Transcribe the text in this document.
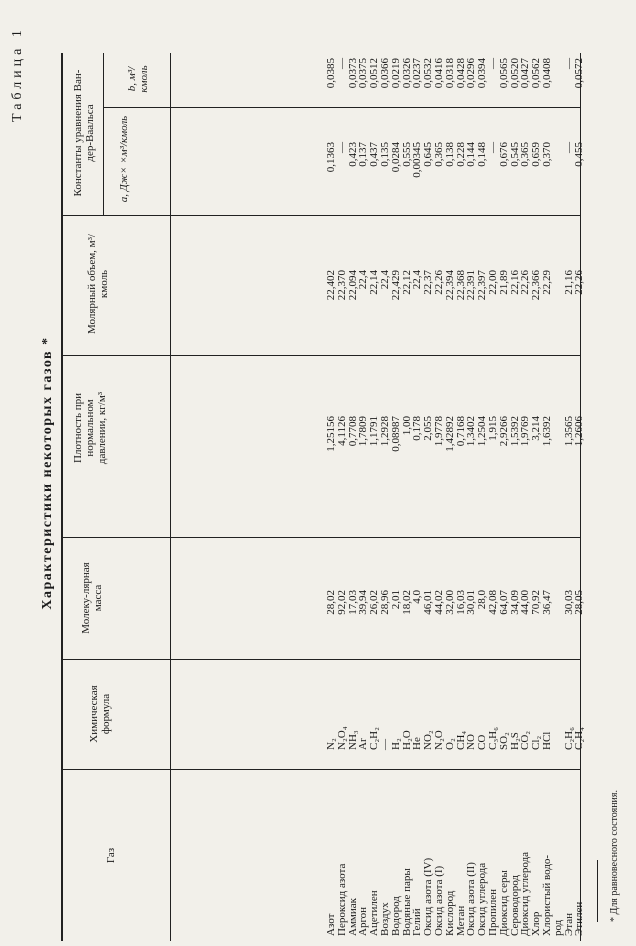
Таблица 1
Характеристики некоторых газов *
Газ
Химическая формула
Молеку-лярная масса
Плотность при нормальном давлении, кг/м³
Молярный объем, м³/кмоль
Константы уравнения Ван-дер-Ваальса a, Дж× ×м³/кмоль
b, м³/кмоль
Азот
Пероксид азота
Аммиак
Аргон
Ацетилен
Воздух
Водород
Водяные пары
Гелий
Оксид азота (IV)
Оксид азота (I)
Кислород
Метан
Оксид азота (II)
Оксид углерода
Пропилен
Диоксид серы
Сероводород
Диоксид углерода
Хлор
Хлористый водо-
род
Этан
Этилен
N₂
N₂O₄
NH₃
Ar
C₂H₂
—
H₂
H₂O
He
NO₂
N₂O
O₂
CH₄
NO
CO
C₃H₆
SO₂
H₂S
CO₂
Cl₂
HCl C₂H₆
C₂H₄
28,02
92,02
17,03
39,94
26,02
28,96
2,01
18,02
4,0
46,01
44,02
32,00
16,03
30,01
28,0
42,08
64,07
34,09
44,00
70,92
36,47 30,03
28,05
1,25156
4,1126
0,7708
1,7809
1,1791
1,2928
0,08987
1,00
0,178
2,055
1,9778
1,42892
0,7168
1,3402
1,2504
1,915
2,9266
1,5392
1,9769
3,214
1,6392 1,3565
1,2606
22,402
22,370
22,094
22,4
22,14
22,4
22,429
22,12
22,4
22,37
22,26
22,394
22,368
22,391
22,397
22,00
21,89
22,16
22,26
22,366
22,29 21,16
22,26
0,1363
—
0,423
0,137
0,437
0,135
0,0284
0,555
0,00345
0,645
0,365
0,138
0,228
0,144
0,148
—
0,676
0,545
0,365
0,659
0,370 —
0,455
0,0385
—
0,0373
0,0375
0,0512
0,0366
0,0219
0,0326
0,0237
0,0532
0,0416
0,0318
0,0428
0,0296
0,0394
—
0,0565
0,0520
0,0427
0,0562
0,0408 —
0,0572
* Для равновесного состояния.
